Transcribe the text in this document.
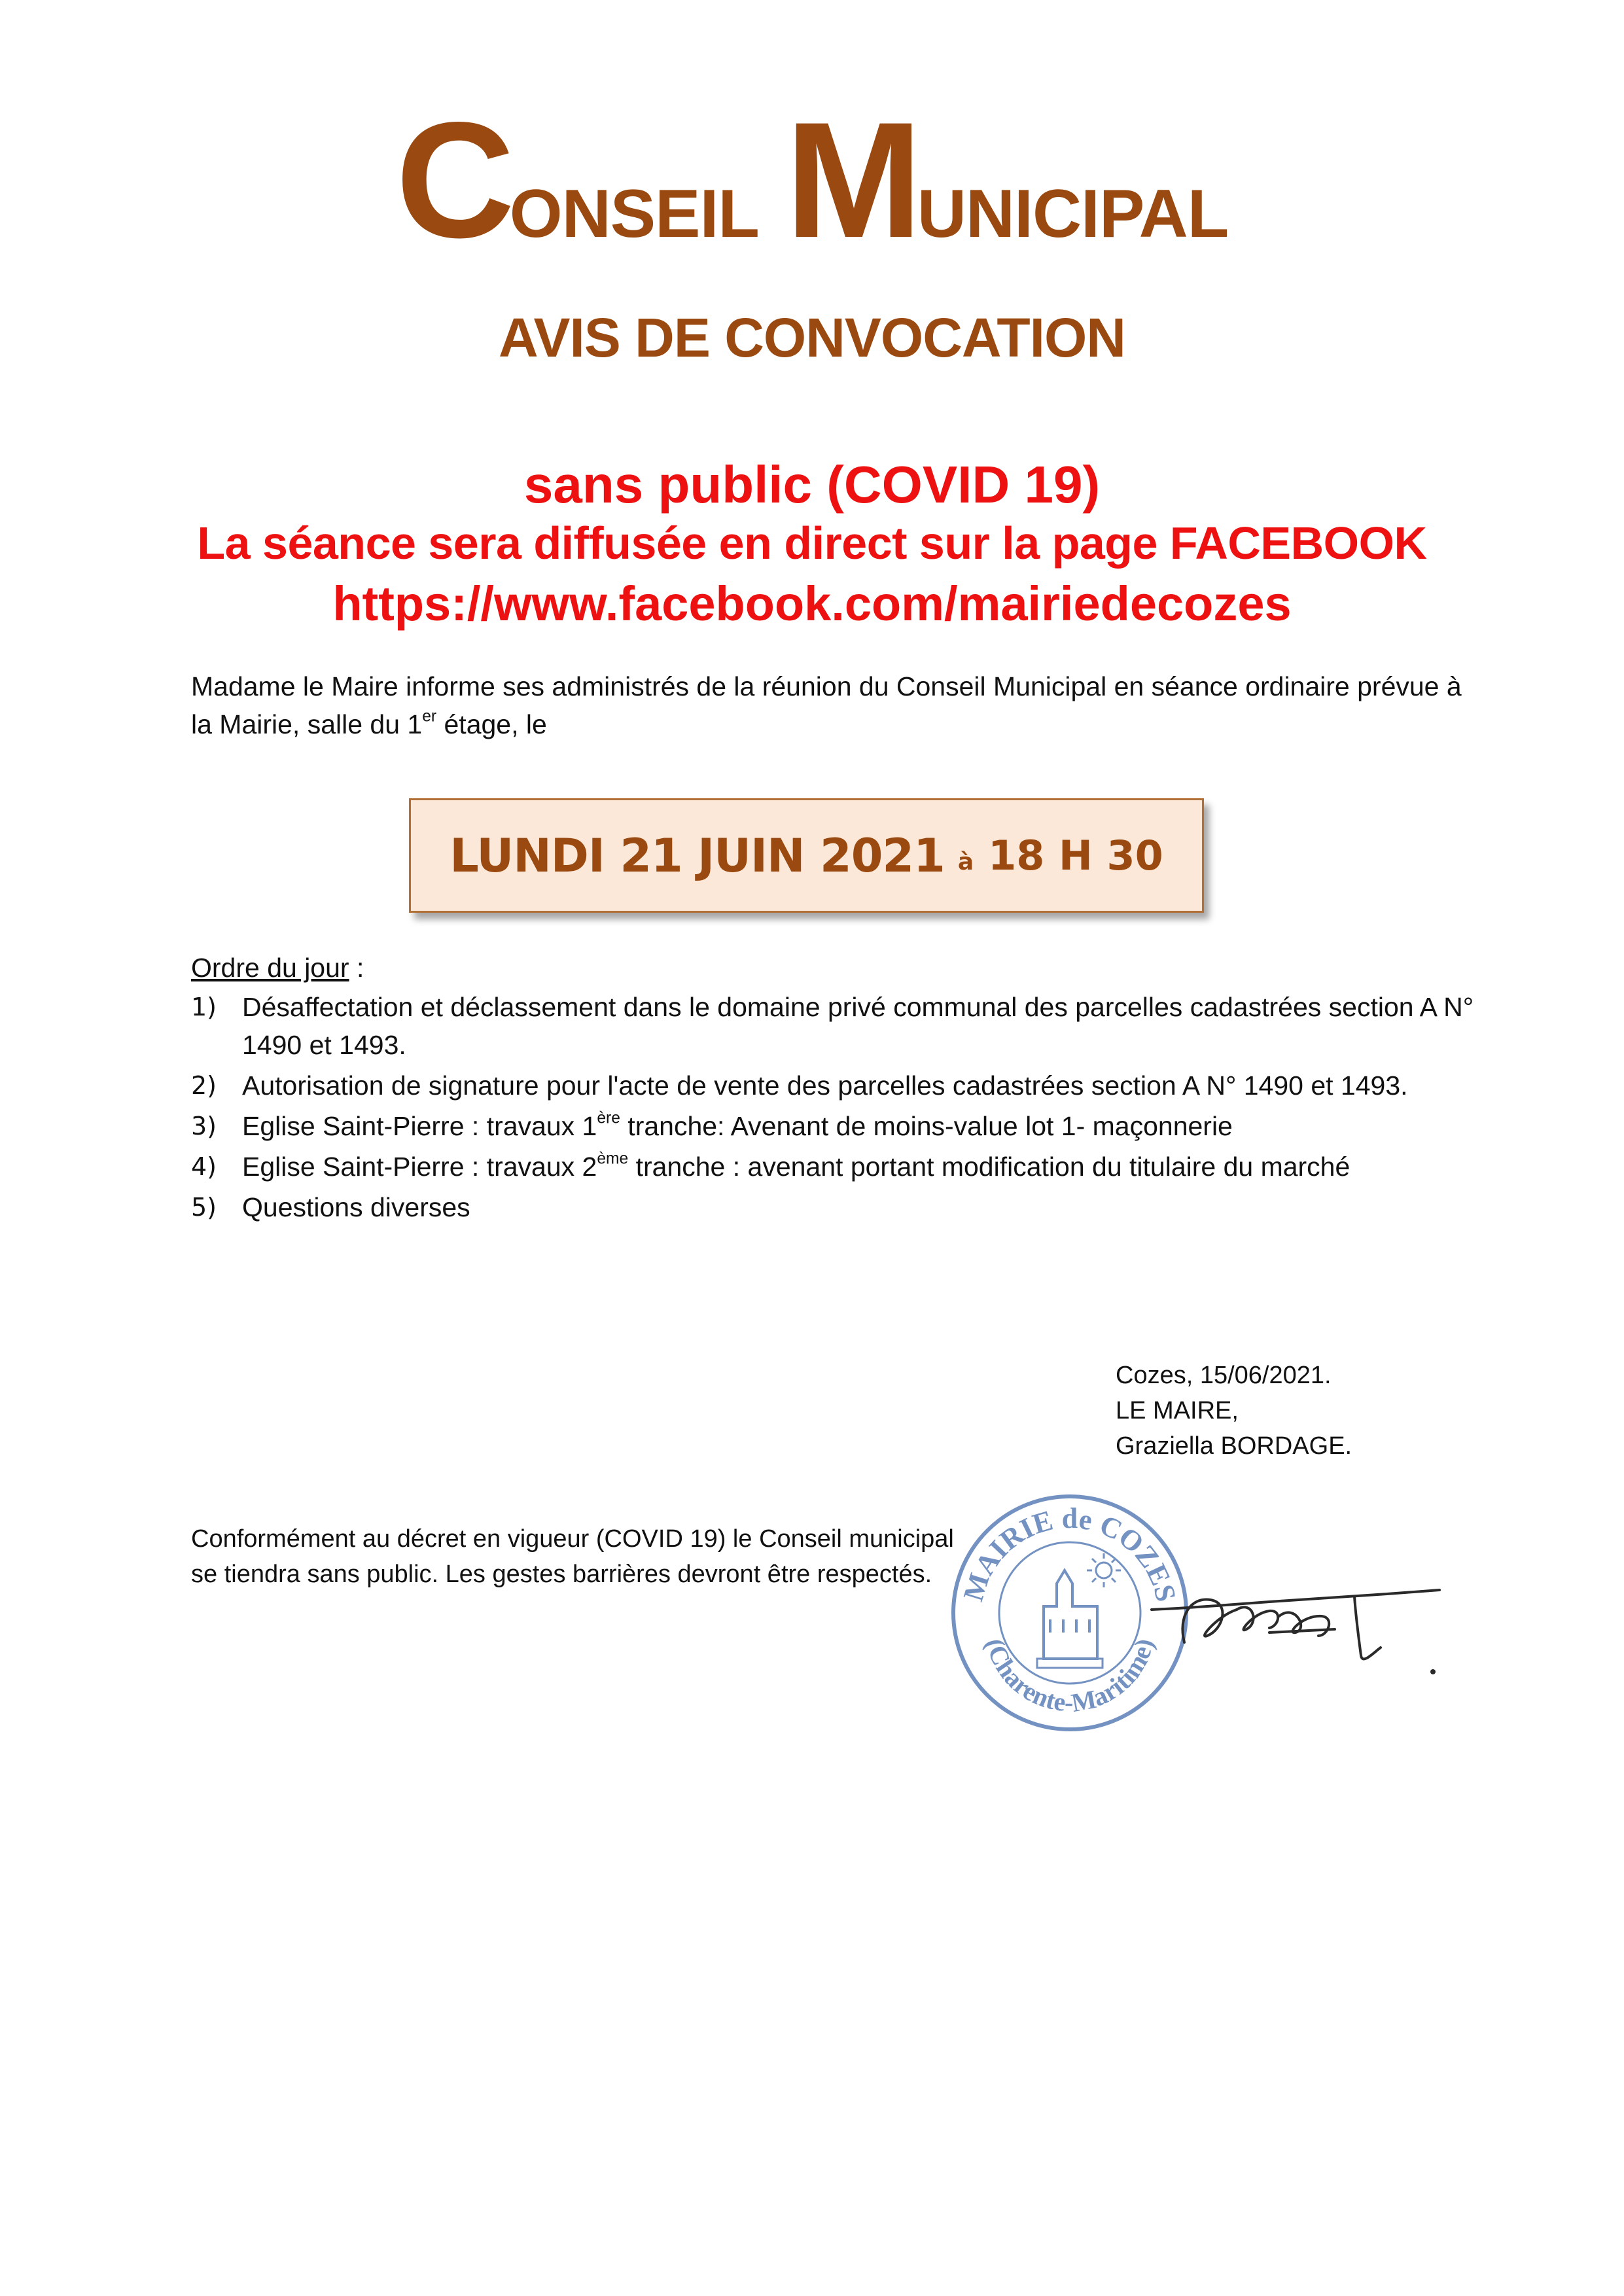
CONSEIL MUNICIPAL
AVIS DE CONVOCATION
sans public (COVID 19)
La séance sera diffusée en direct sur la page FACEBOOK
https://www.facebook.com/mairiedecozes
Madame le Maire informe ses administrés de la réunion du Conseil Municipal en séance ordinaire prévue à la Mairie, salle du 1er étage, le
LUNDI 21 JUIN 2021 à 18 H 30
Ordre du jour :
1) Désaffectation et déclassement dans le domaine privé communal des parcelles cadastrées section A N° 1490 et 1493.
2) Autorisation de signature pour l'acte de vente des parcelles cadastrées section A N° 1490 et 1493.
3) Eglise Saint-Pierre : travaux 1ère tranche: Avenant de moins-value lot 1- maçonnerie
4) Eglise Saint-Pierre : travaux 2ème tranche : avenant portant modification du titulaire du marché
5) Questions diverses
Cozes, 15/06/2021.
LE MAIRE,
Graziella BORDAGE.
Conformément au décret en vigueur (COVID 19) le Conseil municipal se tiendra sans public. Les gestes barrières devront être respectés. MAIRIE de COZES
(Charente-Maritime)
